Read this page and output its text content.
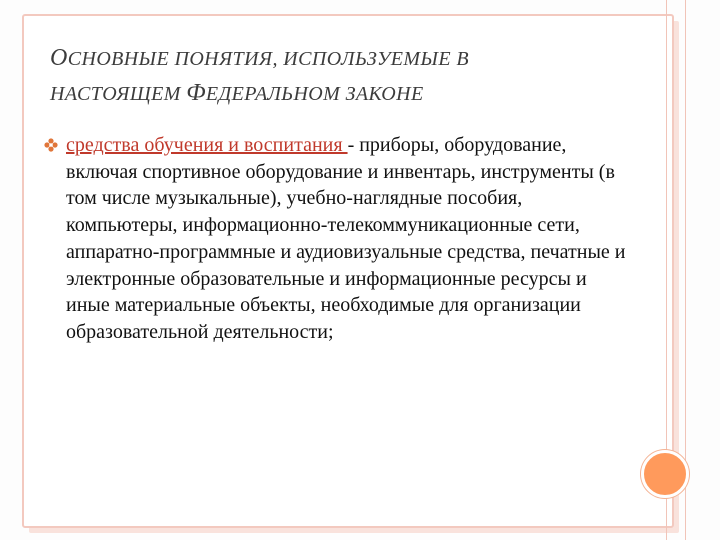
ОСНОВНЫЕ ПОНЯТИЯ, ИСПОЛЬЗУЕМЫЕ В
НАСТОЯЩЕМ ФЕДЕРАЛЬНОМ ЗАКОНЕ
средства обучения и воспитания - приборы, оборудование, включая спортивное оборудование и инвентарь, инструменты (в том числе музыкальные), учебно-наглядные пособия, компьютеры, информационно-телекоммуникационные сети, аппаратно-программные и аудиовизуальные средства, печатные и электронные образовательные и информационные ресурсы и иные материальные объекты, необходимые для организации образовательной деятельности;
